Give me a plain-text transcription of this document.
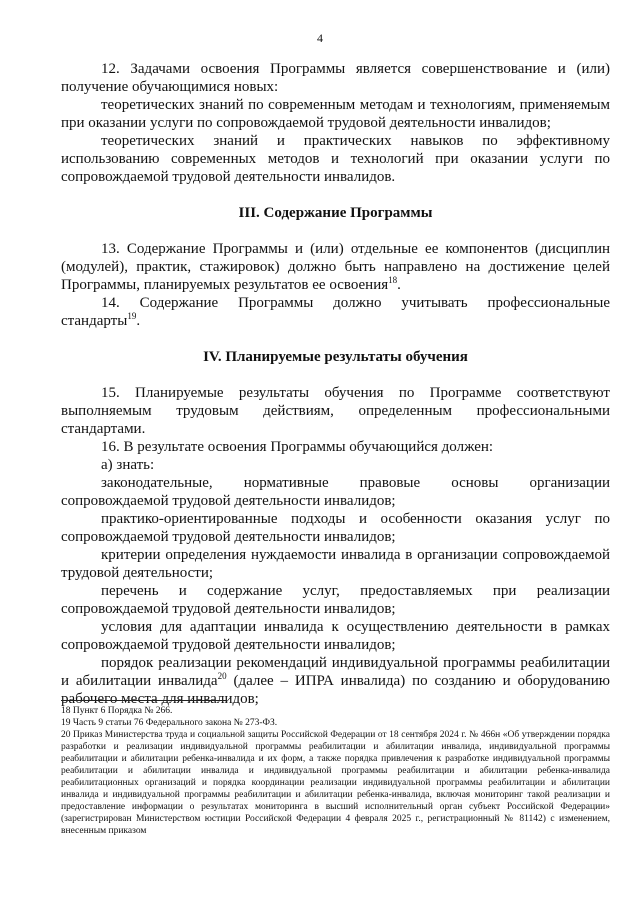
4

12. Задачами освоения Программы является совершенствование и (или) получение обучающимися новых:

теоретических знаний по современным методам и технологиям, применяемым при оказании услуги по сопровождаемой трудовой деятельности инвалидов;

теоретических знаний и практических навыков по эффективному использованию современных методов и технологий при оказании услуги по сопровождаемой трудовой деятельности инвалидов.

III. Содержание Программы

13. Содержание Программы и (или) отдельные ее компонентов (дисциплин (модулей), практик, стажировок) должно быть направлено на достижение целей Программы, планируемых результатов ее освоения$^{18}$.

14. Содержание Программы должно учитывать профессиональные стандарты$^{19}$.

IV. Планируемые результаты обучения

15. Планируемые результаты обучения по Программе соответствуют выполняемым трудовым действиям, определенным профессиональными стандартами.

16. В результате освоения Программы обучающийся должен:

а) знать:

законодательные, нормативные правовые основы организации сопровождаемой трудовой деятельности инвалидов;

практико-ориентированные подходы и особенности оказания услуг по сопровождаемой трудовой деятельности инвалидов;

критерии определения нуждаемости инвалида в организации сопровождаемой трудовой деятельности;

перечень и содержание услуг, предоставляемых при реализации сопровождаемой трудовой деятельности инвалидов;

условия для адаптации инвалида к осуществлению деятельности в рамках сопровождаемой трудовой деятельности инвалидов;

порядок реализации рекомендаций индивидуальной программы реабилитации и абилитации инвалида$^{20}$ (далее – ИПРА инвалида) по созданию и оборудованию рабочего места для инвалидов;

18 Пункт 6 Порядка № 266.

19 Часть 9 статьи 76 Федерального закона № 273-ФЗ.

20 Приказ Министерства труда и социальной защиты Российской Федерации от 18 сентября 2024 г. № 466н «Об утверждении порядка разработки и реализации индивидуальной программы реабилитации и абилитации инвалида, индивидуальной программы реабилитации и абилитации ребенка-инвалида и их форм, а также порядка привлечения к разработке индивидуальной программы реабилитации и абилитации инвалида и индивидуальной программы реабилитации и абилитации ребенка-инвалида реабилитационных организаций и порядка координации реализации индивидуальной программы реабилитации и абилитации инвалида и индивидуальной программы реабилитации и абилитации ребенка-инвалида, включая мониторинг такой реализации и предоставление информации о результатах мониторинга в высший исполнительный орган субъект Российской Федерации» (зарегистрирован Министерством юстиции Российской Федерации 4 февраля 2025 г., регистрационный № 81142) с изменением, внесенным приказом
